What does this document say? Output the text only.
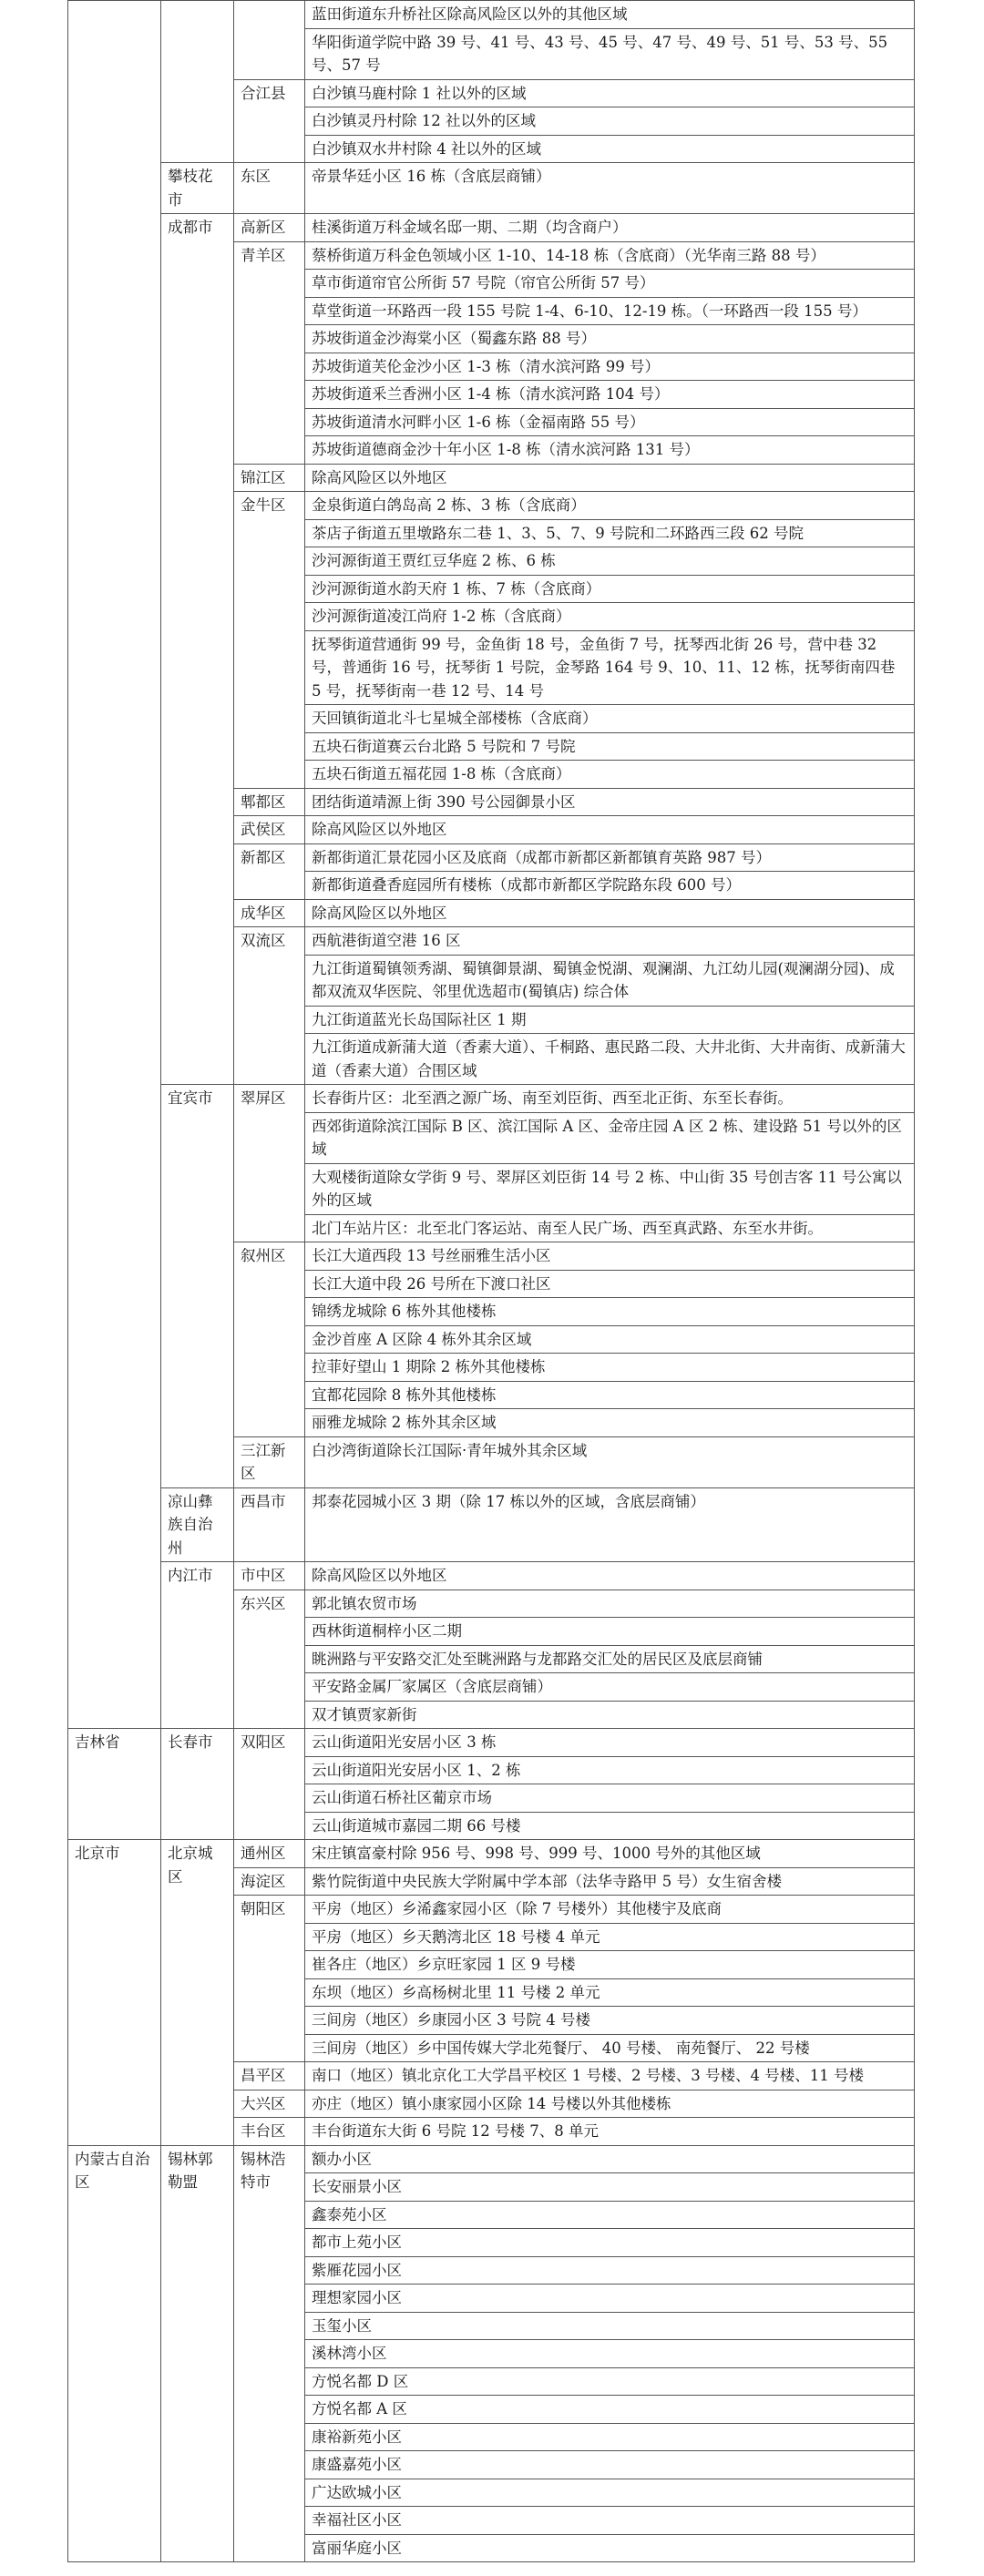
			蓝田街道东升桥社区除高风险区以外的其他区域
			华阳街道学院中路 39 号、41 号、43 号、45 号、47 号、49 号、51 号、53 号、55 号、57 号
		合江县	白沙镇马鹿村除 1 社以外的区域
			白沙镇灵丹村除 12 社以外的区域
			白沙镇双水井村除 4 社以外的区域
	攀枝花市	东区	帝景华廷小区 16 栋（含底层商铺）
	成都市	高新区	桂溪街道万科金域名邸一期、二期（均含商户）
		青羊区	蔡桥街道万科金色领域小区 1-10、14-18 栋（含底商）（光华南三路 88 号）
			草市街道帘官公所街 57 号院（帘官公所街 57 号）
			草堂街道一环路西一段 155 号院 1-4、6-10、12-19 栋。（一环路西一段 155 号）
			苏坡街道金沙海棠小区（蜀鑫东路 88 号）
			苏坡街道芙伦金沙小区 1-3 栋（清水滨河路 99 号）
			苏坡街道釆兰香洲小区 1-4 栋（清水滨河路 104 号）
			苏坡街道清水河畔小区 1-6 栋（金福南路 55 号）
			苏坡街道德商金沙十年小区 1-8 栋（清水滨河路 131 号）
		锦江区	除高风险区以外地区
		金牛区	金泉街道白鸽岛高 2 栋、3 栋（含底商）
			茶店子街道五里墩路东二巷 1、3、5、7、9 号院和二环路西三段 62 号院
			沙河源街道王贾红豆华庭 2 栋、6 栋
			沙河源街道水韵天府 1 栋、7 栋（含底商）
			沙河源街道凌江尚府 1-2 栋（含底商）
			抚琴街道营通街 99 号，金鱼街 18 号，金鱼街 7 号，抚琴西北街 26 号，营中巷 32 号，普通街 16 号，抚琴街 1 号院，金琴路 164 号 9、10、11、12 栋，抚琴街南四巷 5 号，抚琴街南一巷 12 号、14 号
			天回镇街道北斗七星城全部楼栋（含底商）
			五块石街道赛云台北路 5 号院和 7 号院
			五块石街道五福花园 1-8 栋（含底商）
		郫都区	团结街道靖源上街 390 号公园御景小区
		武侯区	除高风险区以外地区
		新都区	新都街道汇景花园小区及底商（成都市新都区新都镇育英路 987 号）
			新都街道叠香庭园所有楼栋（成都市新都区学院路东段 600 号）
		成华区	除高风险区以外地区
		双流区	西航港街道空港 16 区
			九江街道蜀镇领秀湖、蜀镇御景湖、蜀镇金悦湖、观澜湖、九江幼儿园(观澜湖分园)、成都双流双华医院、邻里优选超市(蜀镇店) 综合体
			九江街道蓝光长岛国际社区 1 期
			九江街道成新蒲大道（香素大道）、千桐路、惠民路二段、大井北街、大井南街、成新蒲大道（香素大道）合围区域
	宜宾市	翠屏区	长春街片区：北至酒之源广场、南至刘臣街、西至北正街、东至长春街。
			西郊街道除滨江国际 B 区、滨江国际 A 区、金帝庄园 A 区 2 栋、建设路 51 号以外的区域
			大观楼街道除女学街 9 号、翠屏区刘臣街 14 号 2 栋、中山街 35 号创吉客 11 号公寓以外的区域
			北门车站片区：北至北门客运站、南至人民广场、西至真武路、东至水井街。
		叙州区	长江大道西段 13 号丝丽雅生活小区
			长江大道中段 26 号所在下渡口社区
			锦绣龙城除 6 栋外其他楼栋
			金沙首座 A 区除 4 栋外其余区域
			拉菲好望山 1 期除 2 栋外其他楼栋
			宜都花园除 8 栋外其他楼栋
			丽雅龙城除 2 栋外其余区域
		三江新区	白沙湾街道除长江国际·青年城外其余区域
	凉山彝族自治州	西昌市	邦泰花园城小区 3 期（除 17 栋以外的区域，含底层商铺）
	内江市	市中区	除高风险区以外地区
		东兴区	郭北镇农贸市场
			西林街道桐梓小区二期
			眺洲路与平安路交汇处至眺洲路与龙都路交汇处的居民区及底层商铺
			平安路金属厂家属区（含底层商铺）
			双才镇贾家新街
吉林省	长春市	双阳区	云山街道阳光安居小区 3 栋
			云山街道阳光安居小区 1、2 栋
			云山街道石桥社区葡京市场
			云山街道城市嘉园二期 66 号楼
北京市	北京城区	通州区	宋庄镇富豪村除 956 号、998 号、999 号、1000 号外的其他区域
		海淀区	紫竹院街道中央民族大学附属中学本部（法华寺路甲 5 号）女生宿舍楼
		朝阳区	平房（地区）乡浠鑫家园小区（除 7 号楼外）其他楼宇及底商
			平房（地区）乡天鹅湾北区 18 号楼 4 单元
			崔各庄（地区）乡京旺家园 1 区 9 号楼
			东坝（地区）乡高杨树北里 11 号楼 2 单元
			三间房（地区）乡康园小区 3 号院 4 号楼
			三间房（地区）乡中国传媒大学北苑餐厅、 40 号楼、 南苑餐厅、 22 号楼
		昌平区	南口（地区）镇北京化工大学昌平校区 1 号楼、2 号楼、3 号楼、4 号楼、11 号楼
		大兴区	亦庄（地区）镇小康家园小区除 14 号楼以外其他楼栋
		丰台区	丰台街道东大街 6 号院 12 号楼 7、8 单元
内蒙古自治区	锡林郭勒盟	锡林浩特市	额办小区
			长安丽景小区
			鑫泰苑小区
			都市上苑小区
			紫雁花园小区
			理想家园小区
			玉玺小区
			溪林湾小区
			方悦名都 D 区
			方悦名都 A 区
			康裕新苑小区
			康盛嘉苑小区
			广达欧城小区
			幸福社区小区
			富丽华庭小区
